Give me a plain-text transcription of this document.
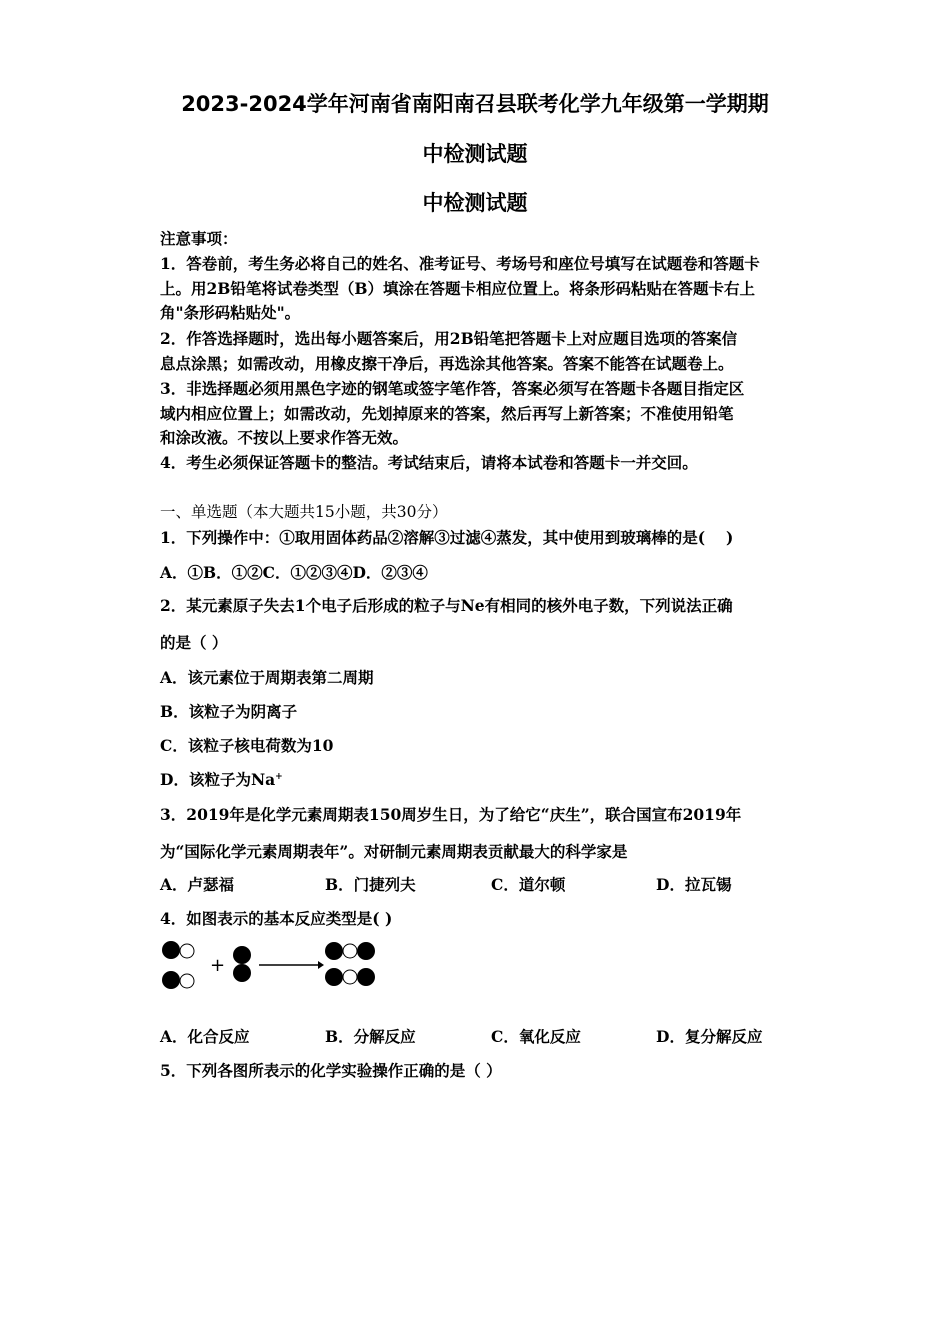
2023-2024学年河南省南阳南召县联考化学九年级第一学期期
中检测试题
中检测试题
注意事项：
1．答卷前，考生务必将自己的姓名、准考证号、考场号和座位号填写在试题卷和答题卡
上。用2B铅笔将试卷类型（B）填涂在答题卡相应位置上。将条形码粘贴在答题卡右上
角"条形码粘贴处"。
2．作答选择题时，选出每小题答案后，用2B铅笔把答题卡上对应题目选项的答案信
息点涂黑；如需改动，用橡皮擦干净后，再选涂其他答案。答案不能答在试题卷上。
3．非选择题必须用黑色字迹的钢笔或签字笔作答，答案必须写在答题卡各题目指定区
域内相应位置上；如需改动，先划掉原来的答案，然后再写上新答案；不准使用铅笔
和涂改液。不按以上要求作答无效。
4．考生必须保证答题卡的整洁。考试结束后，请将本试卷和答题卡一并交回。
一、单选题（本大题共15小题，共30分）
1．下列操作中：①取用固体药品②溶解③过滤④蒸发，其中使用到玻璃棒的是(　 )
A．①B．①②C．①②③④D．②③④
2．某元素原子失去1个电子后形成的粒子与Ne有相同的核外电子数，下列说法正确
的是（ ）
A．该元素位于周期表第二周期
B．该粒子为阴离子
C．该粒子核电荷数为10
D．该粒子为Na+
3．2019年是化学元素周期表150周岁生日，为了给它“庆生”，联合国宣布2019年
为“国际化学元素周期表年”。对研制元素周期表贡献最大的科学家是
A．卢瑟福	B．门捷列夫	C．道尔顿	D．拉瓦锡
4．如图表示的基本反应类型是( )
+
A．化合反应	B．分解反应	C．氧化反应	D．复分解反应
5．下列各图所表示的化学实验操作正确的是（ ）
